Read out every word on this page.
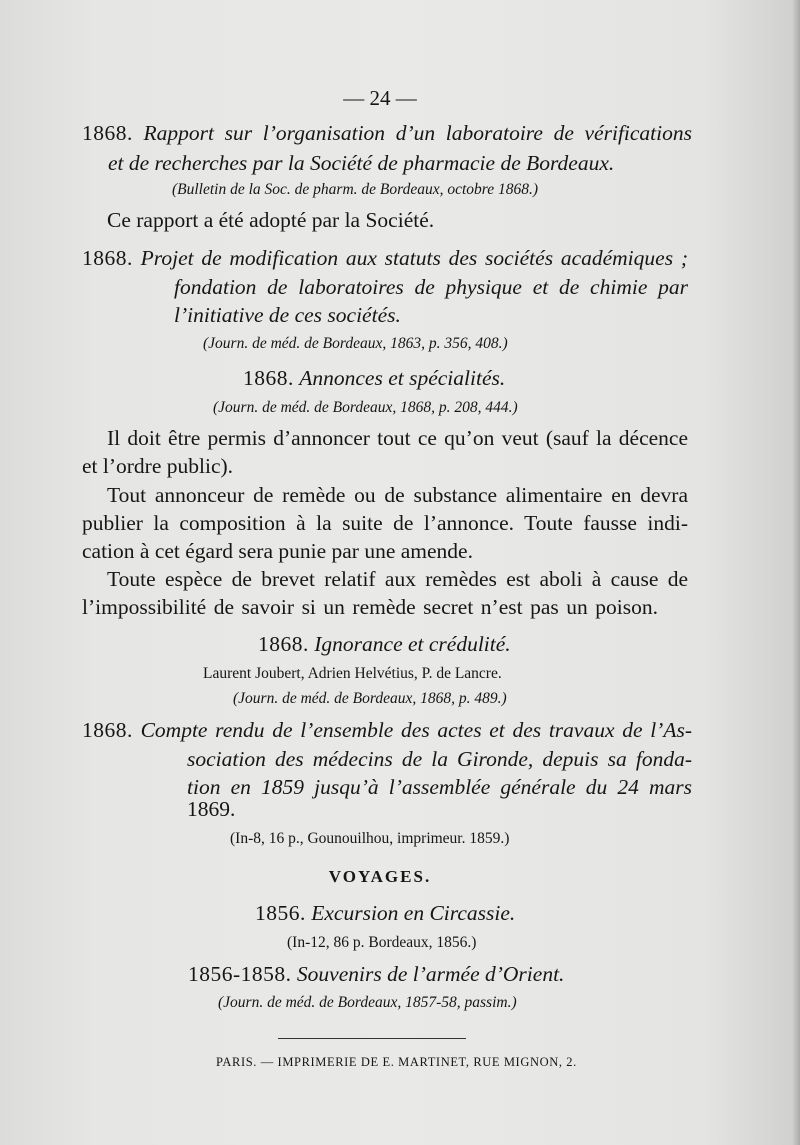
— 24 —
1868. Rapport sur l’organisation d’un laboratoire de vérifications
et de recherches par la Société de pharmacie de Bordeaux.
(Bulletin de la Soc. de pharm. de Bordeaux, octobre 1868.)
Ce rapport a été adopté par la Société.
1868. Projet de modification aux statuts des sociétés académiques ;
fondation de laboratoires de physique et de chimie par
l’initiative de ces sociétés.
(Journ. de méd. de Bordeaux, 1863, p. 356, 408.)
1868. Annonces et spécialités.
(Journ. de méd. de Bordeaux, 1868, p. 208, 444.)
Il doit être permis d’annoncer tout ce qu’on veut (sauf la décence
et l’ordre public).
Tout annonceur de remède ou de substance alimentaire en devra
publier la composition à la suite de l’annonce. Toute fausse indi-
cation à cet égard sera punie par une amende.
Toute espèce de brevet relatif aux remèdes est aboli à cause de
l’impossibilité de savoir si un remède secret n’est pas un poison.
1868. Ignorance et crédulité.
Laurent Joubert, Adrien Helvétius, P. de Lancre.
(Journ. de méd. de Bordeaux, 1868, p. 489.)
1868. Compte rendu de l’ensemble des actes et des travaux de l’As-
sociation des médecins de la Gironde, depuis sa fonda-
tion en 1859 jusqu’à l’assemblée générale du 24 mars
1869.
(In-8, 16 p., Gounouilhou, imprimeur. 1859.)
VOYAGES.
1856. Excursion en Circassie.
(In-12, 86 p. Bordeaux, 1856.)
1856-1858. Souvenirs de l’armée d’Orient.
(Journ. de méd. de Bordeaux, 1857-58, passim.)
PARIS. — IMPRIMERIE DE E. MARTINET, RUE MIGNON, 2.
